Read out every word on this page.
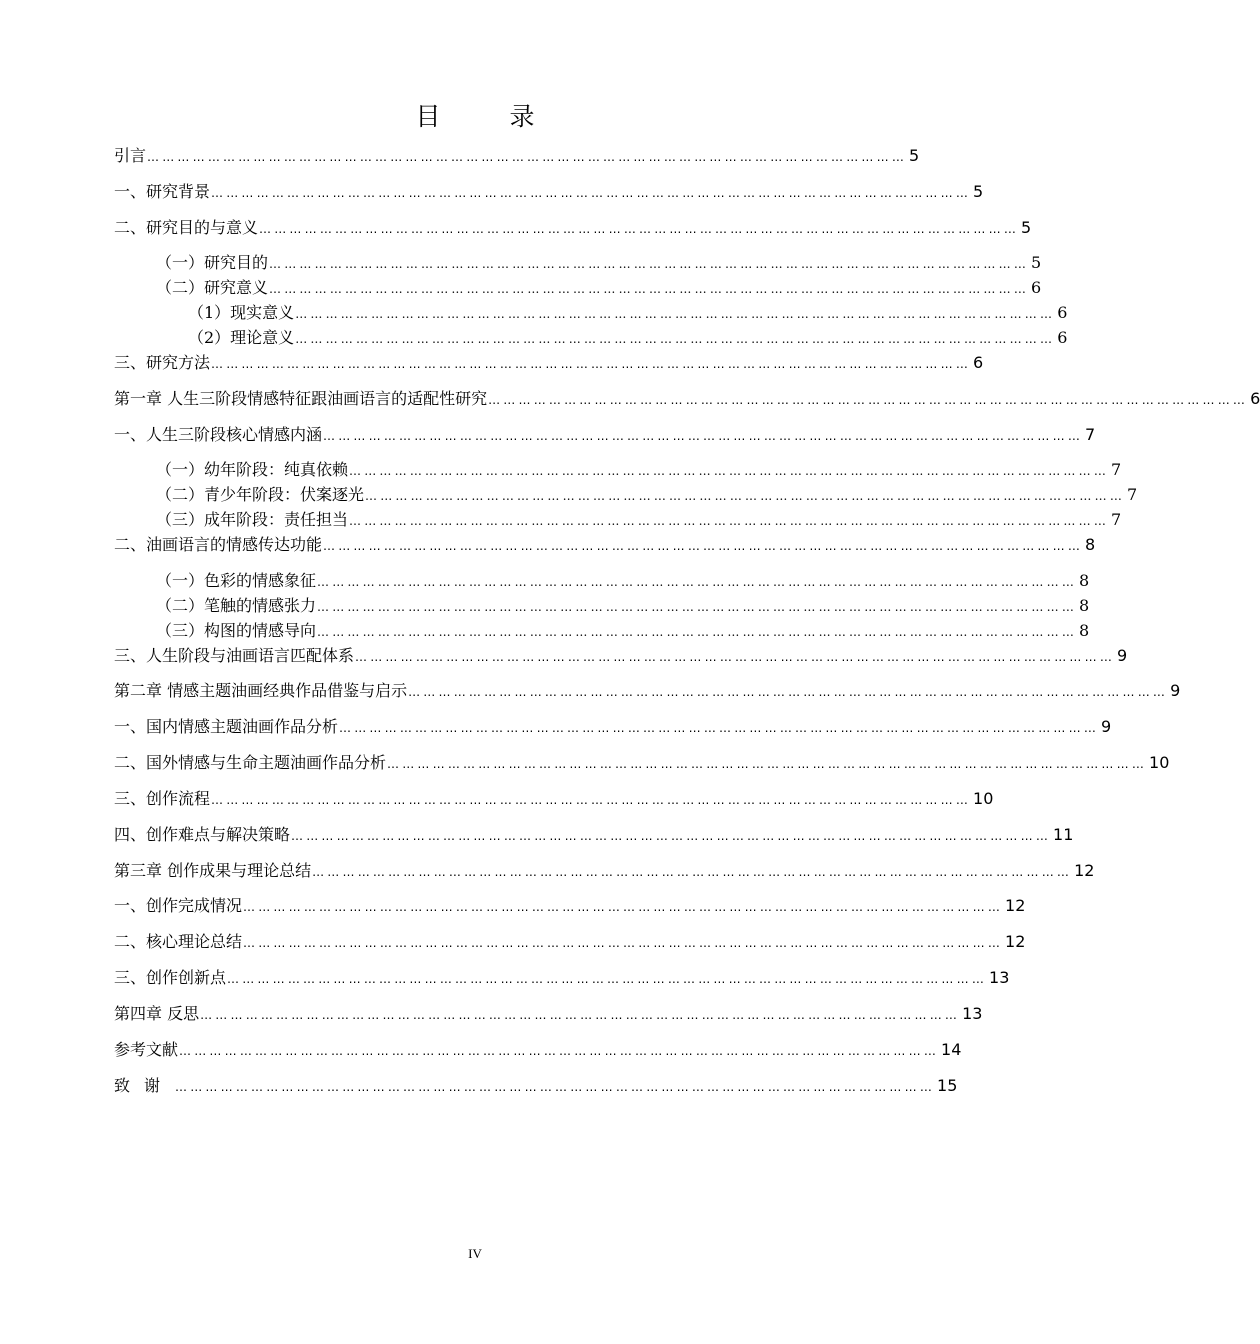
目　录
引言 …………………………………………………………………………………………………………………………………… 5
一、研究背景 …………………………………………………………………………………………………………………………………… 5
二、研究目的与意义 …………………………………………………………………………………………………………………………………… 5
（一）研究目的 …………………………………………………………………………………………………………………………………… 5
（二）研究意义 …………………………………………………………………………………………………………………………………… 6
（1）现实意义 …………………………………………………………………………………………………………………………………… 6
（2）理论意义 …………………………………………………………………………………………………………………………………… 6
三、研究方法 …………………………………………………………………………………………………………………………………… 6
第一章 人生三阶段情感特征跟油画语言的适配性研究 …………………………………………………………………………………………………………………………………… 6
一、人生三阶段核心情感内涵 …………………………………………………………………………………………………………………………………… 7
（一）幼年阶段：纯真依赖 …………………………………………………………………………………………………………………………………… 7
（二）青少年阶段：伏案逐光 …………………………………………………………………………………………………………………………………… 7
（三）成年阶段：责任担当 …………………………………………………………………………………………………………………………………… 7
二、油画语言的情感传达功能 …………………………………………………………………………………………………………………………………… 8
（一）色彩的情感象征 …………………………………………………………………………………………………………………………………… 8
（二）笔触的情感张力 …………………………………………………………………………………………………………………………………… 8
（三）构图的情感导向 …………………………………………………………………………………………………………………………………… 8
三、人生阶段与油画语言匹配体系 …………………………………………………………………………………………………………………………………… 9
第二章 情感主题油画经典作品借鉴与启示 …………………………………………………………………………………………………………………………………… 9
一、国内情感主题油画作品分析 …………………………………………………………………………………………………………………………………… 9
二、国外情感与生命主题油画作品分析 …………………………………………………………………………………………………………………………………… 10
三、创作流程 …………………………………………………………………………………………………………………………………… 10
四、创作难点与解决策略 …………………………………………………………………………………………………………………………………… 11
第三章 创作成果与理论总结 …………………………………………………………………………………………………………………………………… 12
一、创作完成情况 …………………………………………………………………………………………………………………………………… 12
二、核心理论总结 …………………………………………………………………………………………………………………………………… 12
三、创作创新点 …………………………………………………………………………………………………………………………………… 13
第四章 反思 …………………………………………………………………………………………………………………………………… 13
参考文献 …………………………………………………………………………………………………………………………………… 14
致谢 …………………………………………………………………………………………………………………………………… 15
IV
